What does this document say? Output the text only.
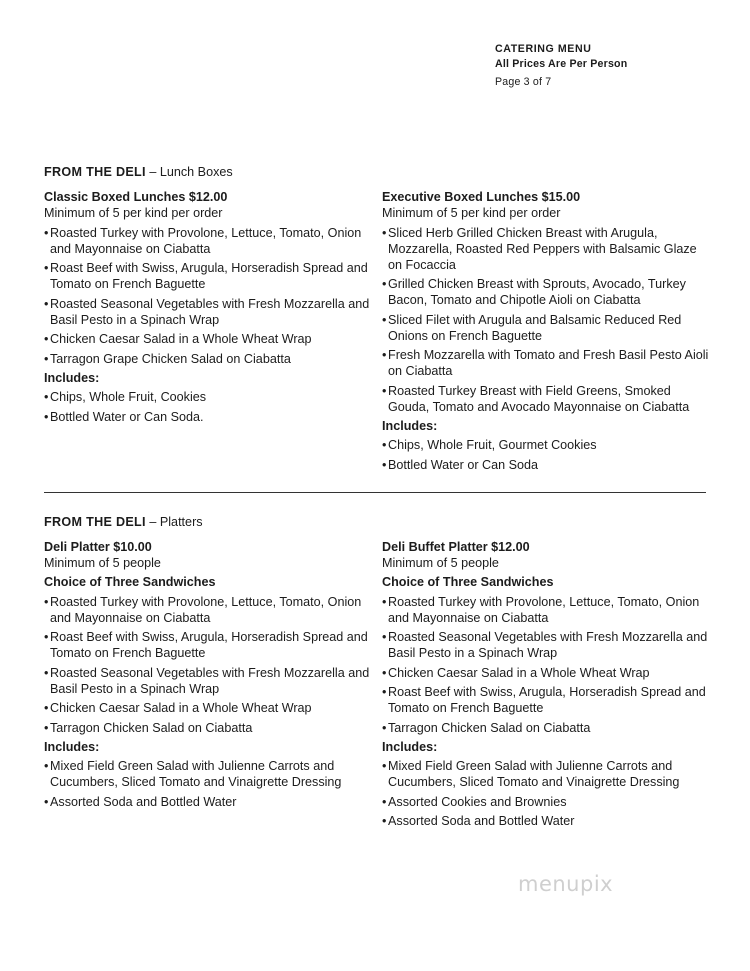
CATERING MENU
All Prices Are Per Person
Page 3 of 7
FROM THE DELI – Lunch Boxes
Classic Boxed Lunches $12.00
Minimum of 5 per kind per order
• Roasted Turkey with Provolone, Lettuce, Tomato, Onion and Mayonnaise on Ciabatta
• Roast Beef with Swiss, Arugula, Horseradish Spread and Tomato on French Baguette
• Roasted Seasonal Vegetables with Fresh Mozzarella and Basil Pesto in a Spinach Wrap
• Chicken Caesar Salad in a Whole Wheat Wrap
• Tarragon Grape Chicken Salad on Ciabatta
Includes:
• Chips, Whole Fruit, Cookies
• Bottled Water or Can Soda.
Executive Boxed Lunches $15.00
Minimum of 5 per kind per order
• Sliced Herb Grilled Chicken Breast with Arugula, Mozzarella, Roasted Red Peppers with Balsamic Glaze on Focaccia
• Grilled Chicken Breast with Sprouts, Avocado, Turkey Bacon, Tomato and Chipotle Aioli on Ciabatta
• Sliced Filet with Arugula and Balsamic Reduced Red Onions on French Baguette
• Fresh Mozzarella with Tomato and Fresh Basil Pesto Aioli on Ciabatta
• Roasted Turkey Breast with Field Greens, Smoked Gouda, Tomato and Avocado Mayonnaise on Ciabatta
Includes:
• Chips, Whole Fruit, Gourmet Cookies
• Bottled Water or Can Soda
FROM THE DELI – Platters
Deli Platter $10.00
Minimum of 5 people
Choice of Three Sandwiches
• Roasted Turkey with Provolone, Lettuce, Tomato, Onion and Mayonnaise on Ciabatta
• Roast Beef with Swiss, Arugula, Horseradish Spread and Tomato on French Baguette
• Roasted Seasonal Vegetables with Fresh Mozzarella and Basil Pesto in a Spinach Wrap
• Chicken Caesar Salad in a Whole Wheat Wrap
• Tarragon Chicken Salad on Ciabatta
Includes:
• Mixed Field Green Salad with Julienne Carrots and Cucumbers, Sliced Tomato and Vinaigrette Dressing
• Assorted Soda and Bottled Water
Deli Buffet Platter $12.00
Minimum of 5 people
Choice of Three Sandwiches
• Roasted Turkey with Provolone, Lettuce, Tomato, Onion and Mayonnaise on Ciabatta
• Roasted Seasonal Vegetables with Fresh Mozzarella and Basil Pesto in a Spinach Wrap
• Chicken Caesar Salad in a Whole Wheat Wrap
• Roast Beef with Swiss, Arugula, Horseradish Spread and Tomato on French Baguette
• Tarragon Chicken Salad on Ciabatta
Includes:
• Mixed Field Green Salad with Julienne Carrots and Cucumbers, Sliced Tomato and Vinaigrette Dressing
• Assorted Cookies and Brownies
• Assorted Soda and Bottled Water
menupix
